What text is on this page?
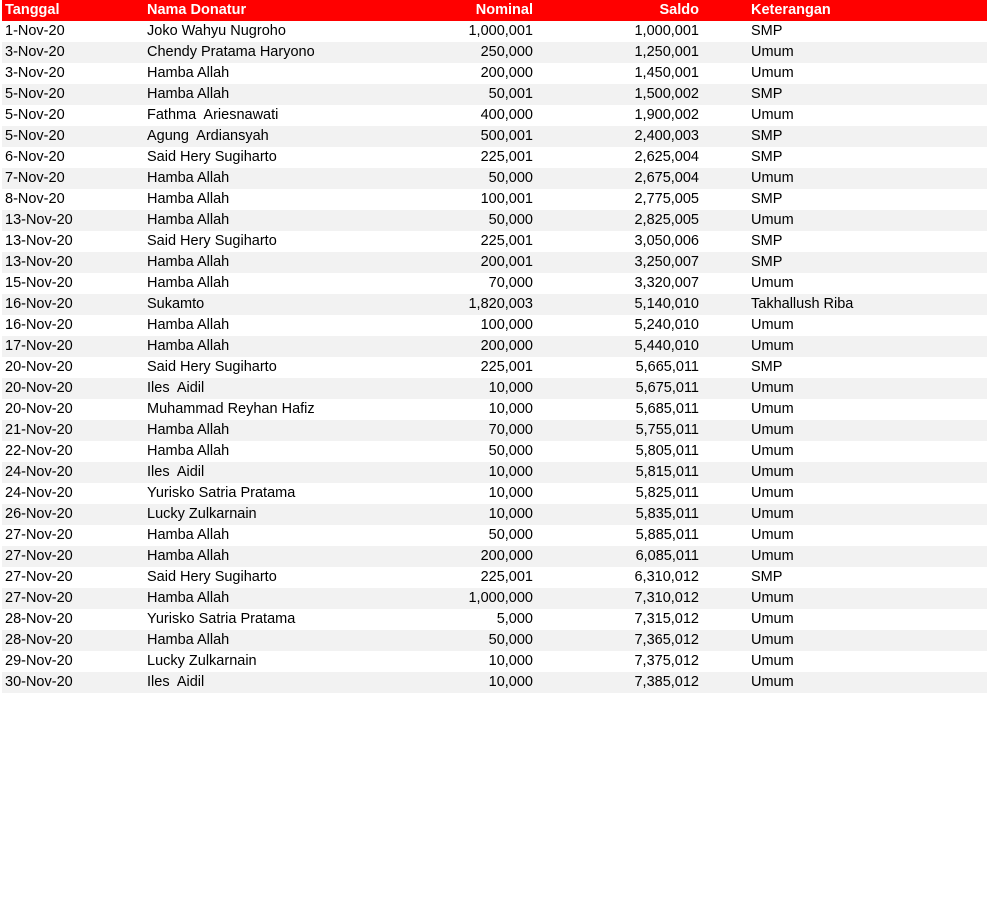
Tanggal	Nama Donatur	Nominal	Saldo	Keterangan
1-Nov-20	Joko Wahyu Nugroho	1,000,001	1,000,001	SMP
3-Nov-20	Chendy Pratama Haryono	250,000	1,250,001	Umum
3-Nov-20	Hamba Allah	200,000	1,450,001	Umum
5-Nov-20	Hamba Allah	50,001	1,500,002	SMP
5-Nov-20	Fathma  Ariesnawati	400,000	1,900,002	Umum
5-Nov-20	Agung  Ardiansyah	500,001	2,400,003	SMP
6-Nov-20	Said Hery Sugiharto	225,001	2,625,004	SMP
7-Nov-20	Hamba Allah	50,000	2,675,004	Umum
8-Nov-20	Hamba Allah	100,001	2,775,005	SMP
13-Nov-20	Hamba Allah	50,000	2,825,005	Umum
13-Nov-20	Said Hery Sugiharto	225,001	3,050,006	SMP
13-Nov-20	Hamba Allah	200,001	3,250,007	SMP
15-Nov-20	Hamba Allah	70,000	3,320,007	Umum
16-Nov-20	Sukamto	1,820,003	5,140,010	Takhallush Riba
16-Nov-20	Hamba Allah	100,000	5,240,010	Umum
17-Nov-20	Hamba Allah	200,000	5,440,010	Umum
20-Nov-20	Said Hery Sugiharto	225,001	5,665,011	SMP
20-Nov-20	Iles  Aidil	10,000	5,675,011	Umum
20-Nov-20	Muhammad Reyhan Hafiz	10,000	5,685,011	Umum
21-Nov-20	Hamba Allah	70,000	5,755,011	Umum
22-Nov-20	Hamba Allah	50,000	5,805,011	Umum
24-Nov-20	Iles  Aidil	10,000	5,815,011	Umum
24-Nov-20	Yurisko Satria Pratama	10,000	5,825,011	Umum
26-Nov-20	Lucky Zulkarnain	10,000	5,835,011	Umum
27-Nov-20	Hamba Allah	50,000	5,885,011	Umum
27-Nov-20	Hamba Allah	200,000	6,085,011	Umum
27-Nov-20	Said Hery Sugiharto	225,001	6,310,012	SMP
27-Nov-20	Hamba Allah	1,000,000	7,310,012	Umum
28-Nov-20	Yurisko Satria Pratama	5,000	7,315,012	Umum
28-Nov-20	Hamba Allah	50,000	7,365,012	Umum
29-Nov-20	Lucky Zulkarnain	10,000	7,375,012	Umum
30-Nov-20	Iles  Aidil	10,000	7,385,012	Umum
